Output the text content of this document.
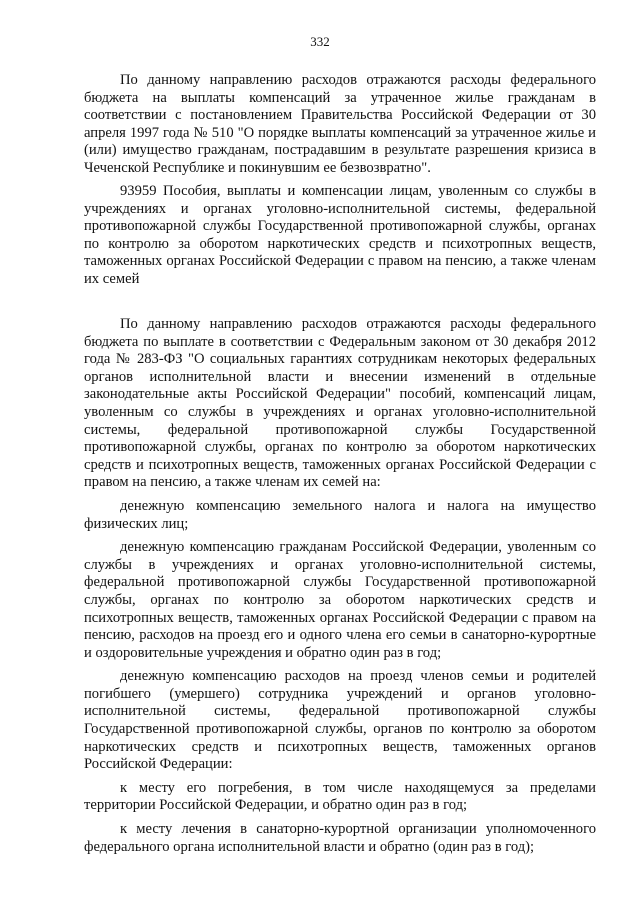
332

По данному направлению расходов отражаются расходы федерального бюджета на выплаты компенсаций за утраченное жилье гражданам в соответствии с постановлением Правительства Российской Федерации от 30 апреля 1997 года № 510 "О порядке выплаты компенсаций за утраченное жилье и (или) имущество гражданам, пострадавшим в результате разрешения кризиса в Чеченской Республике и покинувшим ее безвозвратно".

93959 Пособия, выплаты и компенсации лицам, уволенным со службы в учреждениях и органах уголовно-исполнительной системы, федеральной противопожарной службы Государственной противопожарной службы, органах по контролю за оборотом наркотических средств и психотропных веществ, таможенных органах Российской Федерации с правом на пенсию, а также членам их семей

По данному направлению расходов отражаются расходы федерального бюджета по выплате в соответствии с Федеральным законом от 30 декабря 2012 года № 283-ФЗ "О социальных гарантиях сотрудникам некоторых федеральных органов исполнительной власти и внесении изменений в отдельные законодательные акты Российской Федерации" пособий, компенсаций лицам, уволенным со службы в учреждениях и органах уголовно-исполнительной системы, федеральной противопожарной службы Государственной противопожарной службы, органах по контролю за оборотом наркотических средств и психотропных веществ, таможенных органах Российской Федерации с правом на пенсию, а также членам их семей на:

денежную компенсацию земельного налога и налога на имущество физических лиц;

денежную компенсацию гражданам Российской Федерации, уволенным со службы в учреждениях и органах уголовно-исполнительной системы, федеральной противопожарной службы Государственной противопожарной службы, органах по контролю за оборотом наркотических средств и психотропных веществ, таможенных органах Российской Федерации с правом на пенсию, расходов на проезд его и одного члена его семьи в санаторно-курортные и оздоровительные учреждения и обратно один раз в год;

денежную компенсацию расходов на проезд членов семьи и родителей погибшего (умершего) сотрудника учреждений и органов уголовно-исполнительной системы, федеральной противопожарной службы Государственной противопожарной службы, органов по контролю за оборотом наркотических средств и психотропных веществ, таможенных органов Российской Федерации:

к месту его погребения, в том числе находящемуся за пределами территории Российской Федерации, и обратно один раз в год;

к месту лечения в санаторно-курортной организации уполномоченного федерального органа исполнительной власти и обратно (один раз в год);
